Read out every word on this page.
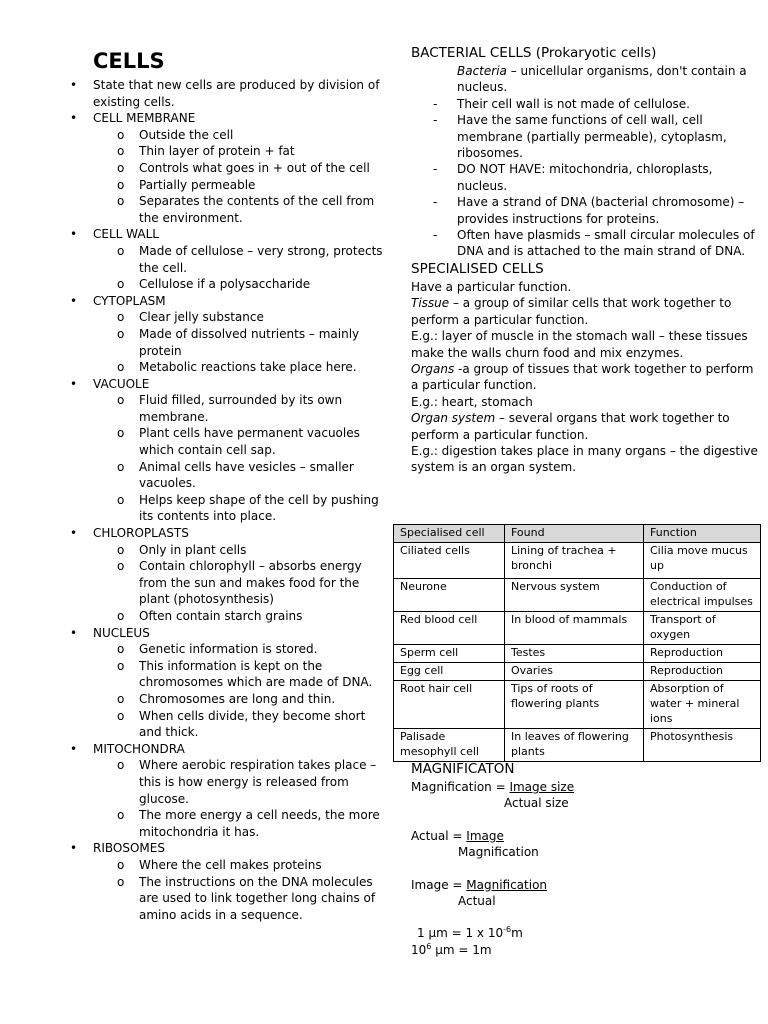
CELLS
• State that new cells are produced by division of existing cells.
• CELL MEMBRANE
o Outside the cell
o Thin layer of protein + fat
o Controls what goes in + out of the cell
o Partially permeable
o Separates the contents of the cell from the environment.
• CELL WALL
o Made of cellulose – very strong, protects the cell.
o Cellulose if a polysaccharide
• CYTOPLASM
o Clear jelly substance
o Made of dissolved nutrients – mainly protein
o Metabolic reactions take place here.
• VACUOLE
o Fluid filled, surrounded by its own membrane.
o Plant cells have permanent vacuoles which contain cell sap.
o Animal cells have vesicles – smaller vacuoles.
o Helps keep shape of the cell by pushing its contents into place.
• CHLOROPLASTS
o Only in plant cells
o Contain chlorophyll – absorbs energy from the sun and makes food for the plant (photosynthesis)
o Often contain starch grains
• NUCLEUS
o Genetic information is stored.
o This information is kept on the chromosomes which are made of DNA.
o Chromosomes are long and thin.
o When cells divide, they become short and thick.
• MITOCHONDRA
o Where aerobic respiration takes place – this is how energy is released from glucose.
o The more energy a cell needs, the more mitochondria it has.
• RIBOSOMES
o Where the cell makes proteins
o The instructions on the DNA molecules are used to link together long chains of amino acids in a sequence.
BACTERIAL CELLS (Prokaryotic cells)
Bacteria – unicellular organisms, don't contain a nucleus.
- Their cell wall is not made of cellulose.
- Have the same functions of cell wall, cell membrane (partially permeable), cytoplasm, ribosomes.
- DO NOT HAVE: mitochondria, chloroplasts, nucleus.
- Have a strand of DNA (bacterial chromosome) – provides instructions for proteins.
- Often have plasmids – small circular molecules of DNA and is attached to the main strand of DNA.
SPECIALISED CELLS
Have a particular function.
Tissue – a group of similar cells that work together to perform a particular function.
E.g.: layer of muscle in the stomach wall – these tissues make the walls churn food and mix enzymes.
Organs -a group of tissues that work together to perform a particular function.
E.g.: heart, stomach
Organ system – several organs that work together to perform a particular function.
E.g.: digestion takes place in many organs – the digestive system is an organ system.
Specialised cell	Found	Function
Ciliated cells	Lining of trachea + bronchi	Cilia move mucus up
Neurone	Nervous system	Conduction of electrical impulses
Red blood cell	In blood of mammals	Transport of oxygen
Sperm cell	Testes	Reproduction
Egg cell	Ovaries	Reproduction
Root hair cell	Tips of roots of flowering plants	Absorption of water + mineral ions
Palisade mesophyll cell	In leaves of flowering plants	Photosynthesis
MAGNIFICATON
Magnification = Image size
Actual size
Actual = Image
Magnification
Image = Magnification
Actual
1 µm = 1 x $10^{-6}m$
$10^6$ µm = 1m
